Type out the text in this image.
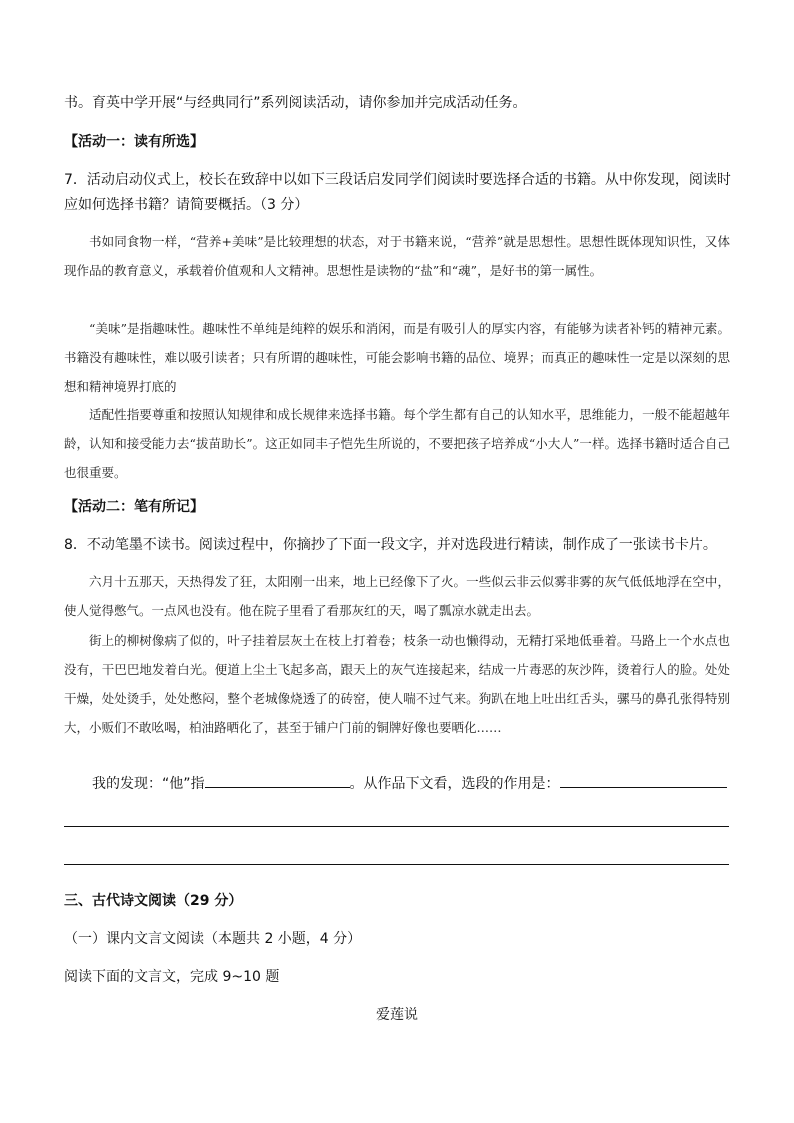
书。育英中学开展“与经典同行”系列阅读活动，请你参加并完成活动任务。
【活动一：读有所选】
7．活动启动仪式上，校长在致辞中以如下三段话启发同学们阅读时要选择合适的书籍。从中你发现，阅读时
应如何选择书籍？请简要概括。（3 分）
书如同食物一样，“营养+美味”是比较理想的状态，对于书籍来说，“营养”就是思想性。思想性既体现知识性，又体现作品的教育意义，承载着价值观和人文精神。思想性是读物的“盐”和“魂”，是好书的第一属性。
“美味”是指趣味性。趣味性不单纯是纯粹的娱乐和消闲，而是有吸引人的厚实内容，有能够为读者补钙的精神元素。书籍没有趣味性，难以吸引读者；只有所谓的趣味性，可能会影响书籍的品位、境界；而真正的趣味性一定是以深刻的思想和精神境界打底的
适配性指要尊重和按照认知规律和成长规律来选择书籍。每个学生都有自己的认知水平，思维能力，一般不能超越年龄，认知和接受能力去“拔苗助长”。这正如同丰子恺先生所说的，不要把孩子培养成“小大人”一样。选择书籍时适合自己也很重要。
【活动二：笔有所记】
8．不动笔墨不读书。阅读过程中，你摘抄了下面一段文字，并对选段进行精读，制作成了一张读书卡片。
六月十五那天，天热得发了狂，太阳刚一出来，地上已经像下了火。一些似云非云似雾非雾的灰气低低地浮在空中，使人觉得憋气。一点风也没有。他在院子里看了看那灰红的天，喝了瓢凉水就走出去。
街上的柳树像病了似的，叶子挂着层灰土在枝上打着卷；枝条一动也懒得动，无精打采地低垂着。马路上一个水点也没有，干巴巴地发着白光。便道上尘土飞起多高，跟天上的灰气连接起来，结成一片毒恶的灰沙阵，烫着行人的脸。处处干燥，处处烫手，处处憋闷，整个老城像烧透了的砖窑，使人喘不过气来。狗趴在地上吐出红舌头，骡马的鼻孔张得特别大，小贩们不敢吆喝，柏油路晒化了，甚至于铺户门前的铜牌好像也要晒化……
我的发现：“他”指	。从作品下文看，选段的作用是：
三、古代诗文阅读（29 分）
（一）课内文言文阅读（本题共 2 小题，4 分）
阅读下面的文言文，完成 9~10 题
爱莲说
